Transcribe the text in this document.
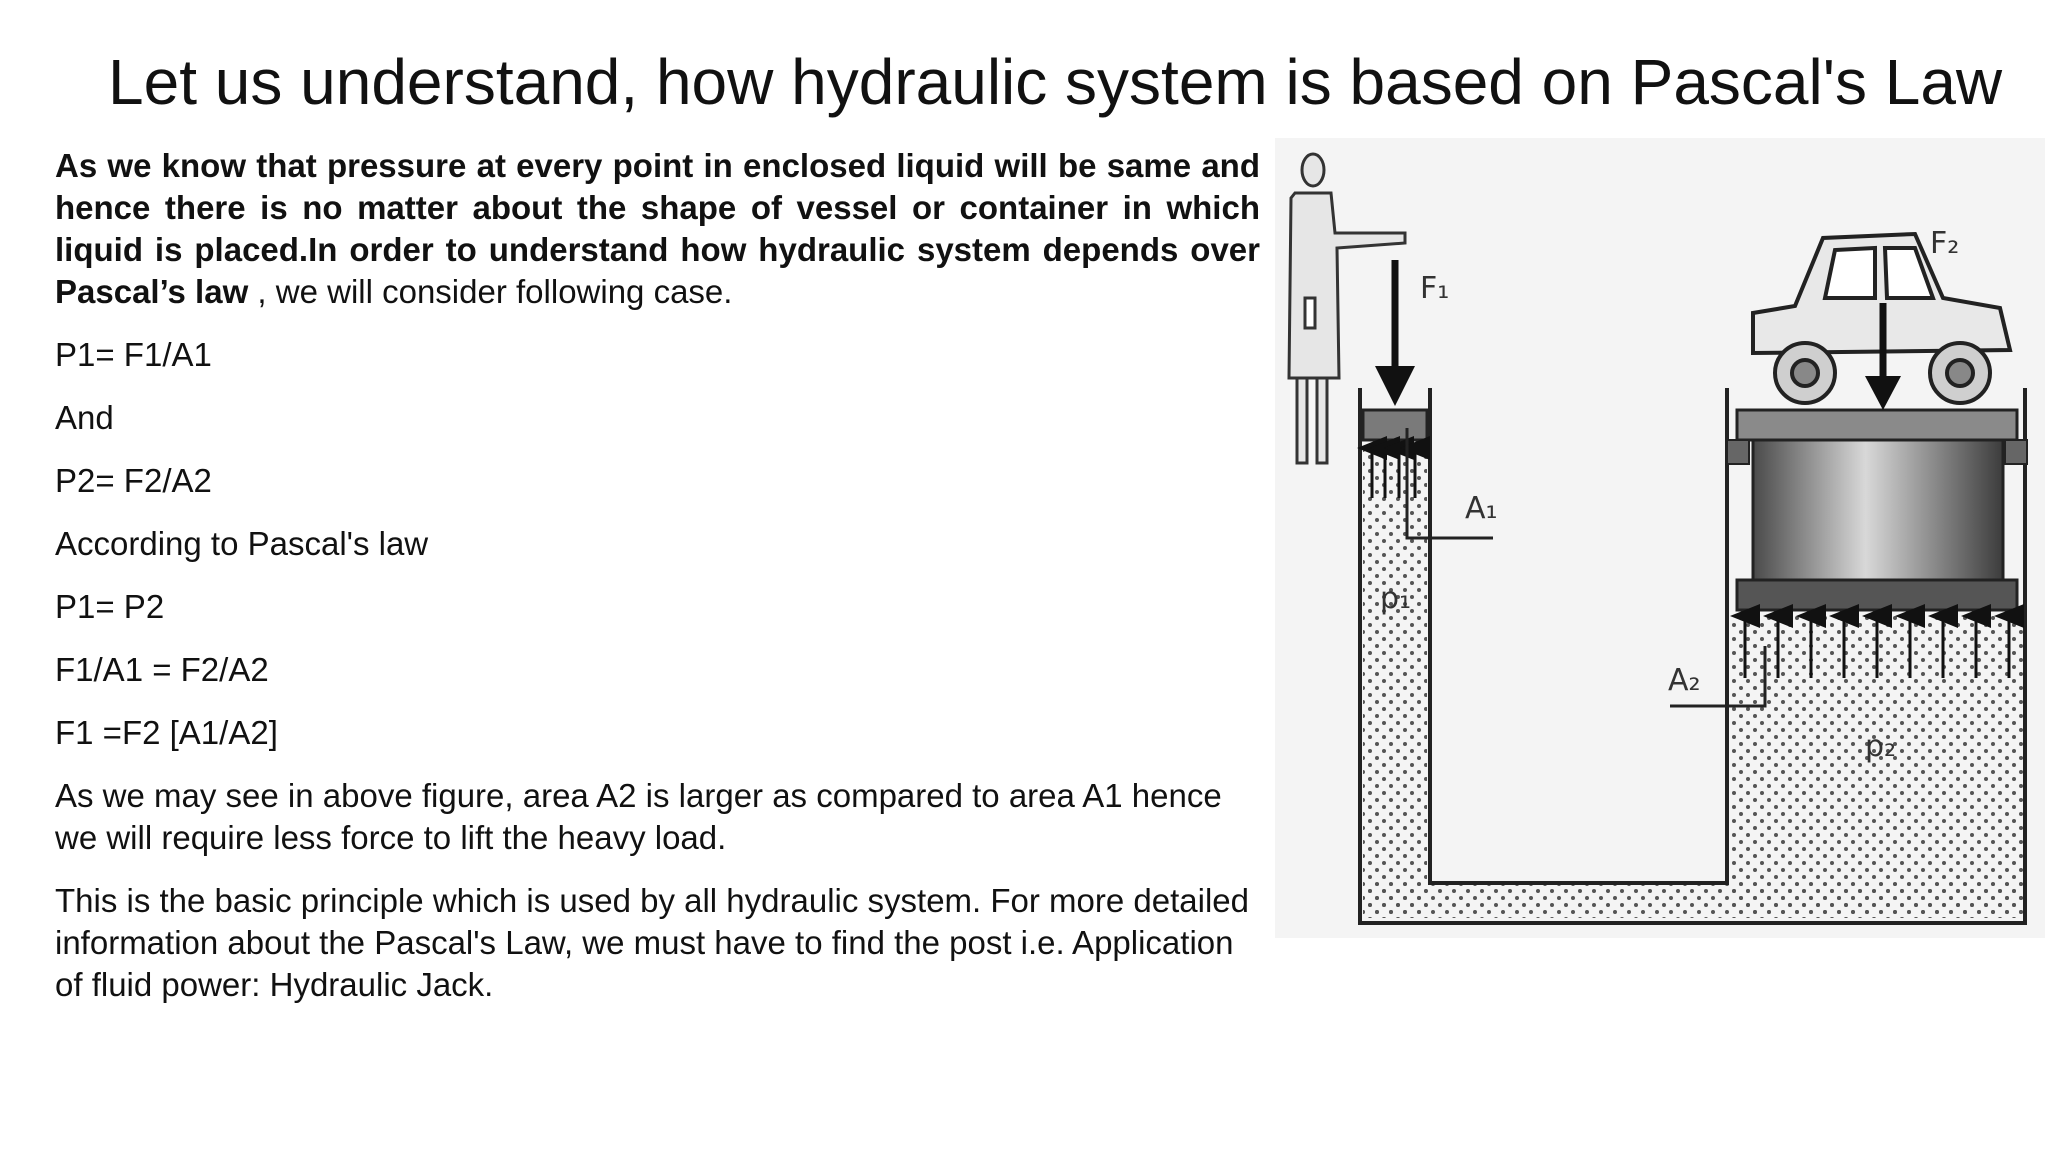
Let us understand, how hydraulic system is based on Pascal's Law

As we know that pressure at every point in enclosed liquid will be same and hence there is no matter about the shape of vessel or container in which liquid is placed.In order to understand how hydraulic system depends over Pascal’s law , we will consider following case.

P1= F1/A1

And

P2= F2/A2

According to Pascal's law

P1= P2

F1/A1 = F2/A2

F1 =F2 [A1/A2]

As we may see in above figure, area A2 is larger as compared to area A1 hence we will require less force to lift the heavy load.

This is the basic principle which is used by all hydraulic system. For more detailed information about the Pascal's Law, we must have to find the post i.e. Application of fluid power: Hydraulic Jack.

F₁
F₂
A₁
A₂
p₁
p₂
